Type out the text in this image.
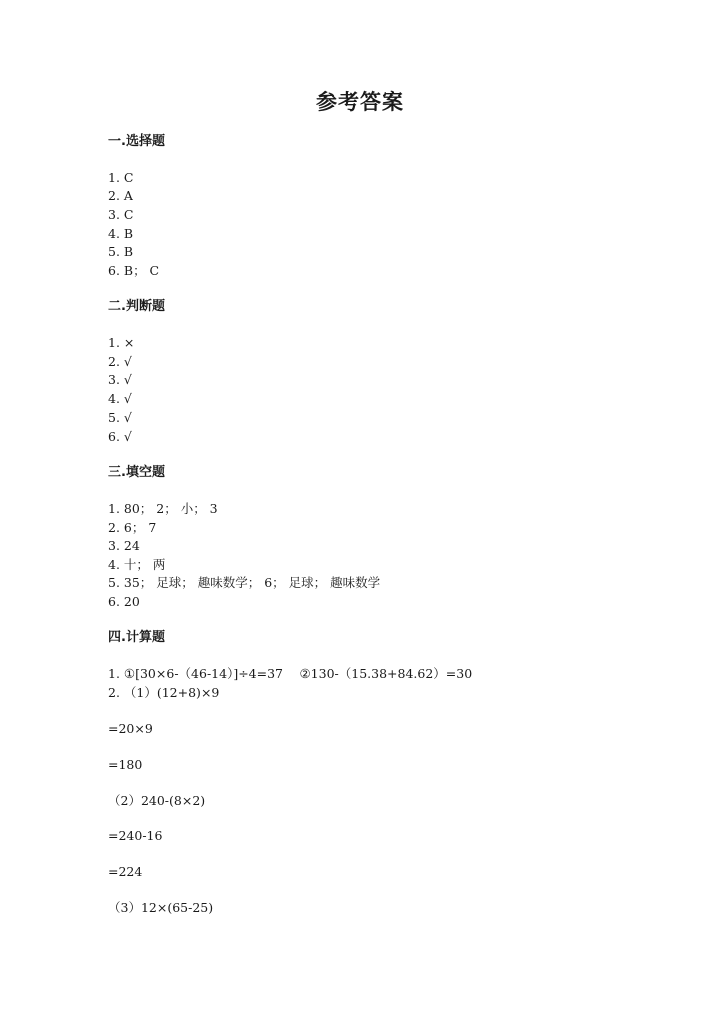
参考答案
一.选择题
1. C
2. A
3. C
4. B
5. B
6. B； C
二.判断题
1. ×
2. √
3. √
4. √
5. √
6. √
三.填空题
1. 80； 2； 小； 3
2. 6； 7
3. 24
4. 十； 两
5. 35； 足球； 趣味数学； 6； 足球； 趣味数学
6. 20
四.计算题
1. ①[30×6-（46-14）]÷4=37　 ②130-（15.38+84.62）=30
2. （1）(12+8)×9
=20×9
=180
（2）240-(8×2)
=240-16
=224
（3）12×(65-25)
